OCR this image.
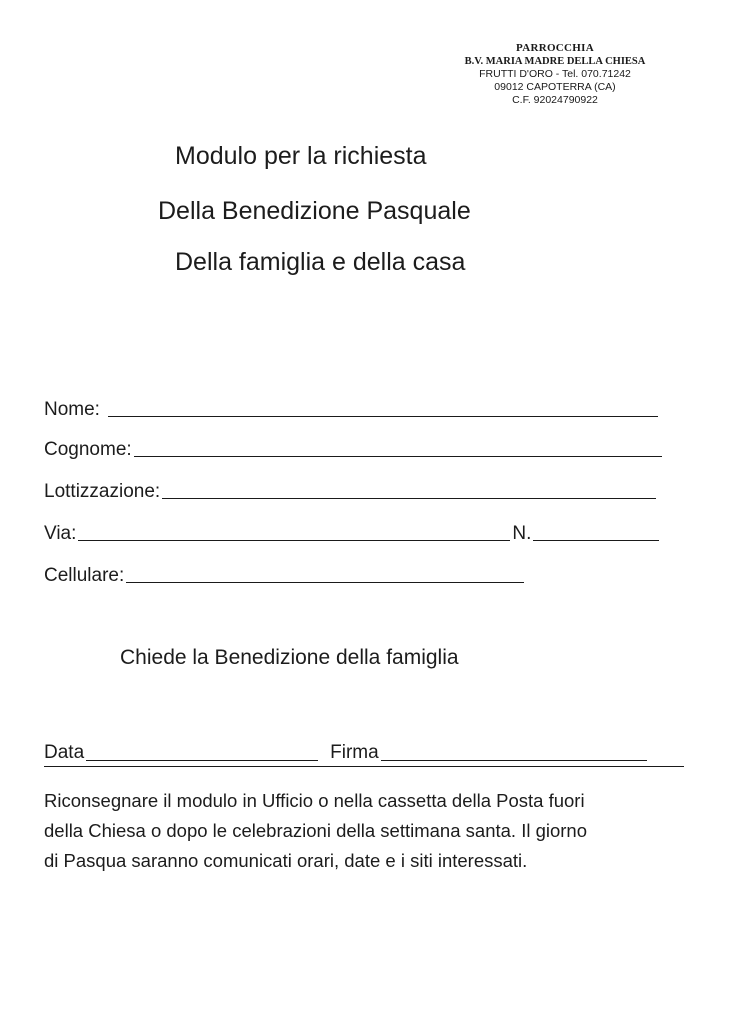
PARROCCHIA
B.V. MARIA MADRE DELLA CHIESA
FRUTTI D'ORO - Tel. 070.71242
09012 CAPOTERRA (CA)
C.F. 92024790922
Modulo per la richiesta
Della Benedizione Pasquale
Della famiglia e della casa
Nome:
Cognome:
Lottizzazione:
Via:	N.
Cellulare:
Chiede la Benedizione della famiglia
Data	Firma
Riconsegnare il modulo in Ufficio o nella cassetta della Posta fuori
della Chiesa o dopo le celebrazioni della settimana santa. Il giorno
di Pasqua saranno comunicati orari, date e i siti interessati.
